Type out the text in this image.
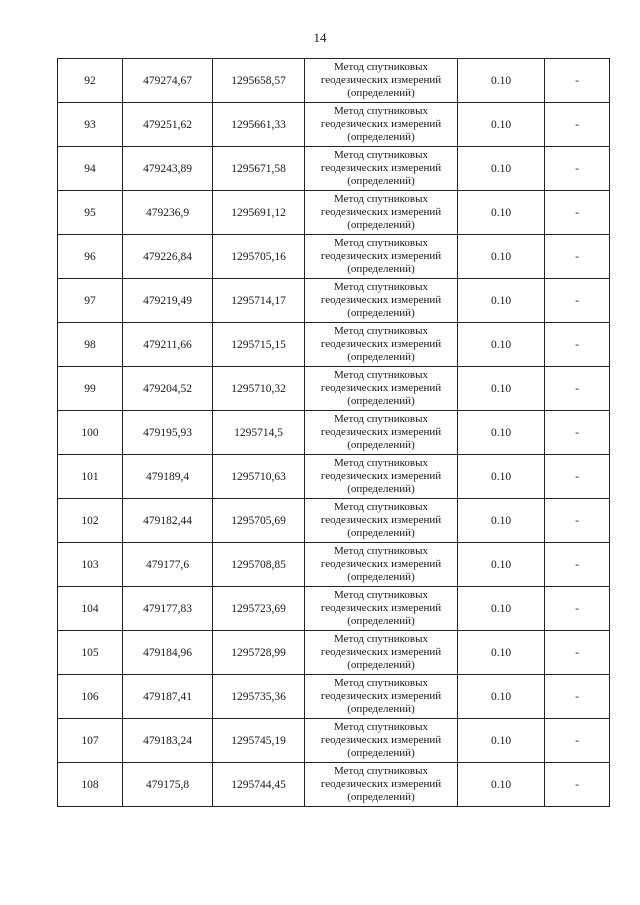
14
92	479274,67	1295658,57	Метод спутниковых
геодезических измерений
(определений)	0.10	-
93	479251,62	1295661,33	Метод спутниковых
геодезических измерений
(определений)	0.10	-
94	479243,89	1295671,58	Метод спутниковых
геодезических измерений
(определений)	0.10	-
95	479236,9	1295691,12	Метод спутниковых
геодезических измерений
(определений)	0.10	-
96	479226,84	1295705,16	Метод спутниковых
геодезических измерений
(определений)	0.10	-
97	479219,49	1295714,17	Метод спутниковых
геодезических измерений
(определений)	0.10	-
98	479211,66	1295715,15	Метод спутниковых
геодезических измерений
(определений)	0.10	-
99	479204,52	1295710,32	Метод спутниковых
геодезических измерений
(определений)	0.10	-
100	479195,93	1295714,5	Метод спутниковых
геодезических измерений
(определений)	0.10	-
101	479189,4	1295710,63	Метод спутниковых
геодезических измерений
(определений)	0.10	-
102	479182,44	1295705,69	Метод спутниковых
геодезических измерений
(определений)	0.10	-
103	479177,6	1295708,85	Метод спутниковых
геодезических измерений
(определений)	0.10	-
104	479177,83	1295723,69	Метод спутниковых
геодезических измерений
(определений)	0.10	-
105	479184,96	1295728,99	Метод спутниковых
геодезических измерений
(определений)	0.10	-
106	479187,41	1295735,36	Метод спутниковых
геодезических измерений
(определений)	0.10	-
107	479183,24	1295745,19	Метод спутниковых
геодезических измерений
(определений)	0.10	-
108	479175,8	1295744,45	Метод спутниковых
геодезических измерений
(определений)	0.10	-
